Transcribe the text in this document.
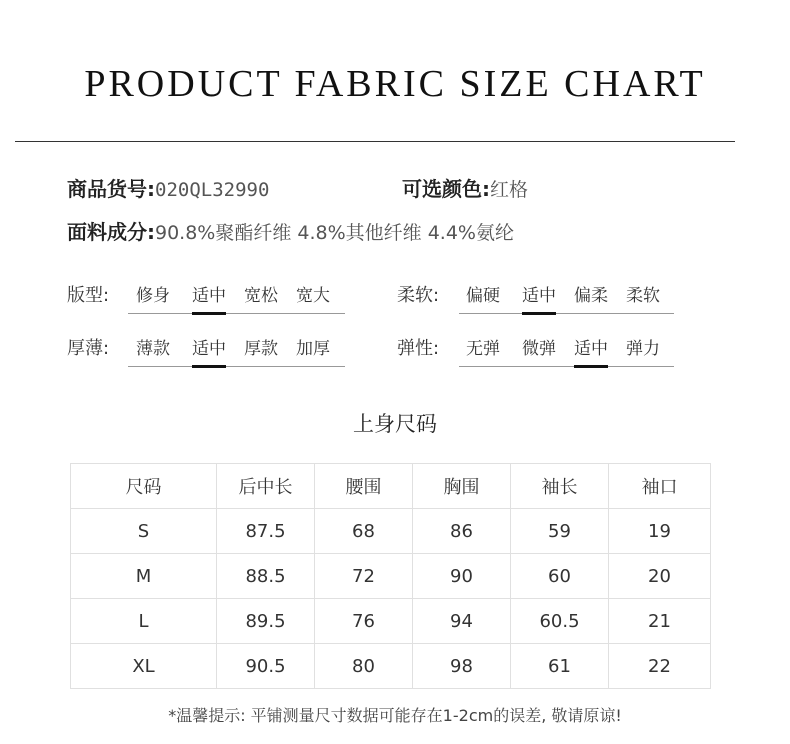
PRODUCT FABRIC SIZE CHART
商品货号:020QL32990	可选颜色:红格
面料成分:90.8%聚酯纤维 4.8%其他纤维 4.4%氨纶
版型: 修身 适中 宽松 宽大	柔软: 偏硬 适中 偏柔 柔软
厚薄: 薄款 适中 厚款 加厚	弹性: 无弹 微弹 适中 弹力
上身尺码
尺码	后中长	腰围	胸围	袖长	袖口
S	87.5	68	86	59	19
M	88.5	72	90	60	20
L	89.5	76	94	60.5	21
XL	90.5	80	98	61	22
*温馨提示: 平铺测量尺寸数据可能存在1-2cm的误差, 敬请原谅!
